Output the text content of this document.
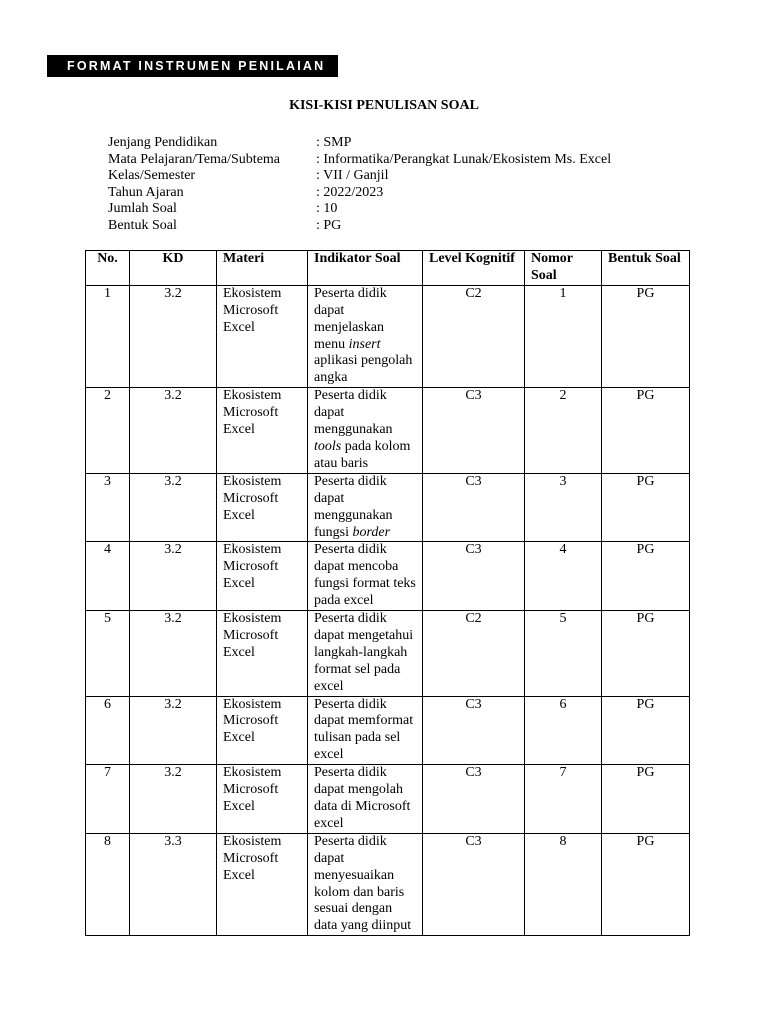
FORMAT INSTRUMEN PENILAIAN
KISI-KISI PENULISAN SOAL
Jenjang Pendidikan	: SMP
Mata Pelajaran/Tema/Subtema	: Informatika/Perangkat Lunak/Ekosistem Ms. Excel
Kelas/Semester	: VII / Ganjil
Tahun Ajaran	: 2022/2023
Jumlah Soal	: 10
Bentuk Soal	: PG
No.	KD	Materi	Indikator Soal	Level Kognitif	Nomor Soal	Bentuk Soal
1	3.2	Ekosistem Microsoft Excel	Peserta didik dapat menjelaskan menu insert aplikasi pengolah angka	C2	1	PG
2	3.2	Ekosistem Microsoft Excel	Peserta didik dapat menggunakan tools pada kolom atau baris	C3	2	PG
3	3.2	Ekosistem Microsoft Excel	Peserta didik dapat menggunakan fungsi border	C3	3	PG
4	3.2	Ekosistem Microsoft Excel	Peserta didik dapat mencoba fungsi format teks pada excel	C3	4	PG
5	3.2	Ekosistem Microsoft Excel	Peserta didik dapat mengetahui langkah-langkah format sel pada excel	C2	5	PG
6	3.2	Ekosistem Microsoft Excel	Peserta didik dapat memformat tulisan pada sel excel	C3	6	PG
7	3.2	Ekosistem Microsoft Excel	Peserta didik dapat mengolah data di Microsoft excel	C3	7	PG
8	3.3	Ekosistem Microsoft Excel	Peserta didik dapat menyesuaikan kolom dan baris sesuai dengan data yang diinput	C3	8	PG
